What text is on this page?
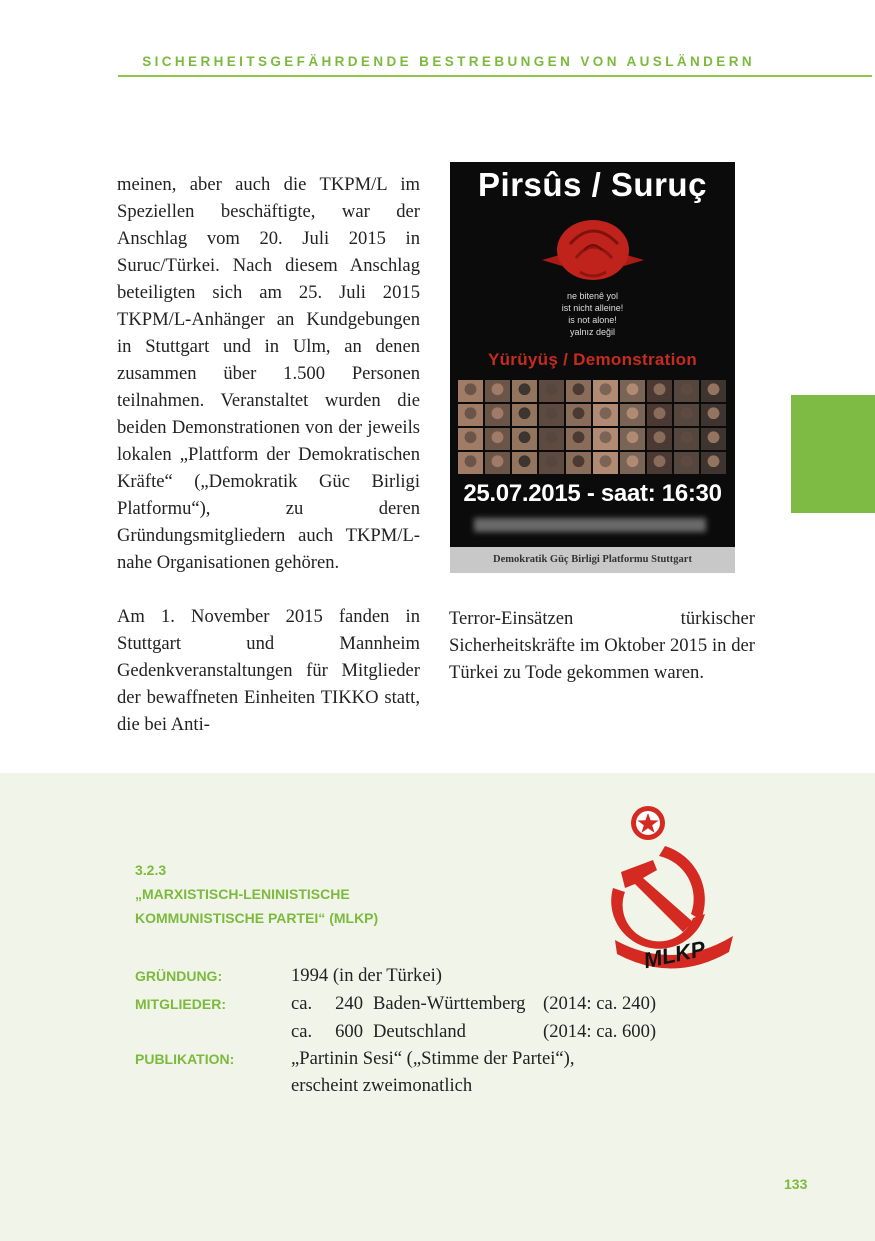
SICHERHEITSGEFÄHRDENDE BESTREBUNGEN VON AUSLÄNDERN

meinen, aber auch die TKPM/L im Speziellen beschäftigte, war der Anschlag vom 20. Juli 2015 in Suruc/Türkei. Nach diesem Anschlag beteiligten sich am 25. Juli 2015 TKPM/L-Anhänger an Kundgebungen in Stuttgart und in Ulm, an denen zusammen über 1.500 Personen teilnahmen. Veranstaltet wurden die beiden Demonstrationen von der jeweils lokalen „Plattform der Demokratischen Kräfte“ („Demokratik Güc Birligi Platformu“), zu deren Gründungsmitgliedern auch TKPM/L-nahe Organisationen gehören.

Am 1. November 2015 fanden in Stuttgart und Mannheim Gedenkveranstaltungen für Mitglieder der bewaffneten Einheiten TIKKO statt, die bei Anti-

Pirsûs / Suruç
ne bitenê yol
ist nicht alleine!
is not alone!
yalnız değil
Yürüyüş / Demonstration
25.07.2015 - saat: 16:30
Demokratik Güç Birligi Platformu Stuttgart

Terror-Einsätzen türkischer Sicherheitskräfte im Oktober 2015 in der Türkei zu Tode gekommen waren.

3.2.3
„MARXISTISCH-LENINISTISCHE
KOMMUNISTISCHE PARTEI“ (MLKP)
MLKP
GRÜNDUNG:	1994 (in der Türkei)			
MITGLIEDER:	ca.	240	Baden-Württemberg	(2014: ca. 240)
	ca.	600	Deutschland	(2014: ca. 600)
PUBLIKATION:	„Partinin Sesi“ („Stimme der Partei“),
erscheint zweimonatlich			
133
